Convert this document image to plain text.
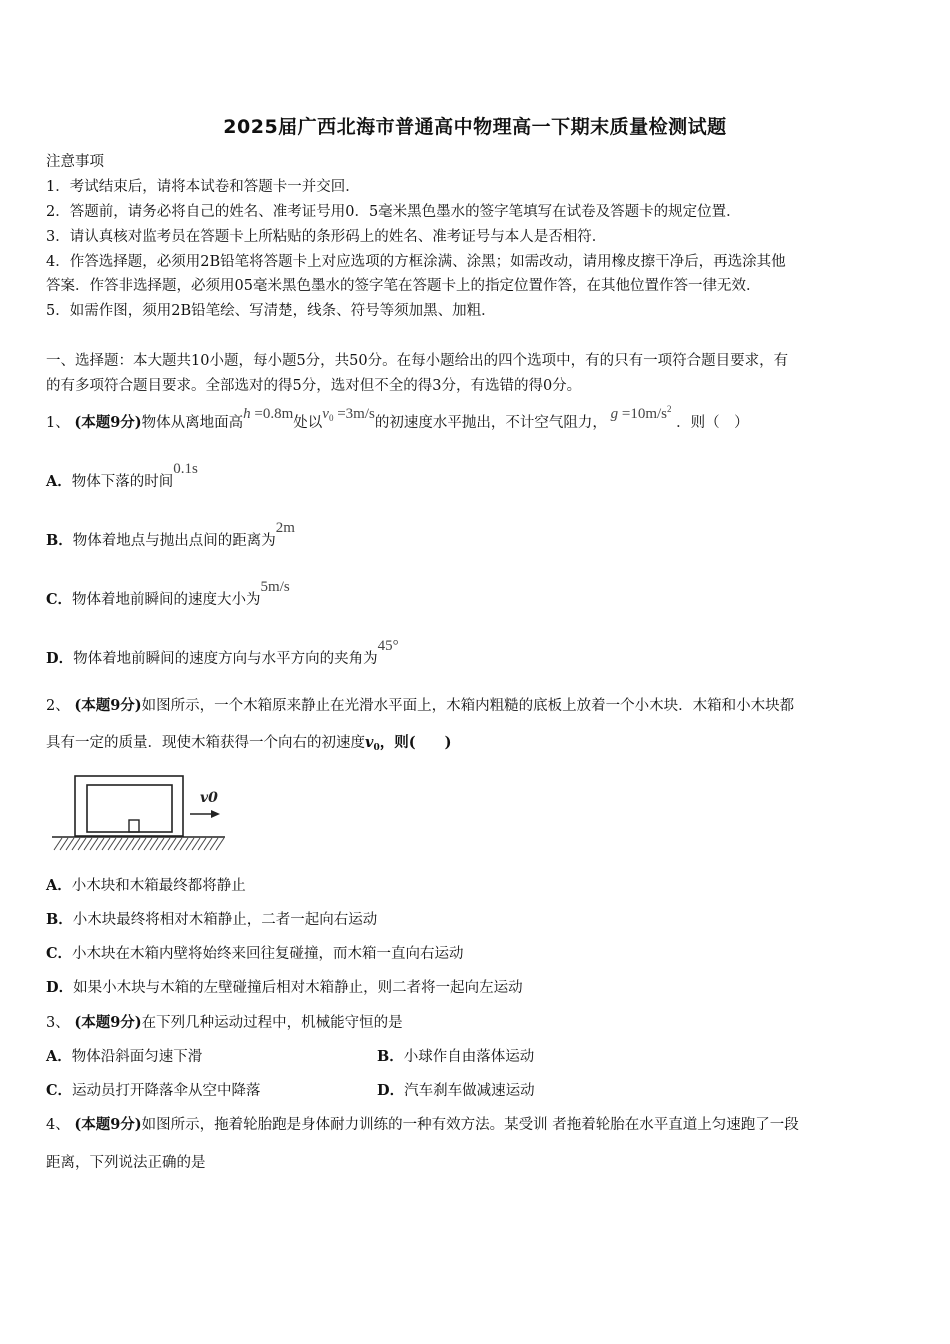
2025届广西北海市普通高中物理高一下期末质量检测试题
注意事项
1．考试结束后，请将本试卷和答题卡一并交回．
2．答题前，请务必将自己的姓名、准考证号用0．5毫米黑色墨水的签字笔填写在试卷及答题卡的规定位置．
3．请认真核对监考员在答题卡上所粘贴的条形码上的姓名、准考证号与本人是否相符．
4．作答选择题，必须用2B铅笔将答题卡上对应选项的方框涂满、涂黑；如需改动，请用橡皮擦干净后，再选涂其他
答案．作答非选择题，必须用05毫米黑色墨水的签字笔在答题卡上的指定位置作答，在其他位置作答一律无效．
5．如需作图，须用2B铅笔绘、写清楚，线条、符号等须加黑、加粗．
一、选择题：本大题共10小题，每小题5分，共50分。在每小题给出的四个选项中，有的只有一项符合题目要求，有
的有多项符合题目要求。全部选对的得5分，选对但不全的得3分，有选错的得0分。
1、 (本题9分)物体从离地面高h =0.8m处以$v_0 =3m/s$的初速度水平抛出，不计空气阻力， $g =10m/s^2$ ．则（　）
A．物体下落的时间0.1s
B．物体着地点与抛出点间的距离为2m
C．物体着地前瞬间的速度大小为5m/s
D．物体着地前瞬间的速度方向与水平方向的夹角为45°
2、 (本题9分)如图所示，一个木箱原来静止在光滑水平面上，木箱内粗糙的底板上放着一个小木块．木箱和小木块都
具有一定的质量．现使木箱获得一个向右的初速度$v_0$，则(　　)
v0
A．小木块和木箱最终都将静止
B．小木块最终将相对木箱静止，二者一起向右运动
C．小木块在木箱内壁将始终来回往复碰撞，而木箱一直向右运动
D．如果小木块与木箱的左壁碰撞后相对木箱静止，则二者将一起向左运动
3、 (本题9分)在下列几种运动过程中，机械能守恒的是
A．物体沿斜面匀速下滑	B．小球作自由落体运动
C．运动员打开降落伞从空中降落	D．汽车刹车做减速运动
4、 (本题9分)如图所示，拖着轮胎跑是身体耐力训练的一种有效方法。某受训 者拖着轮胎在水平直道上匀速跑了一段
距离，下列说法正确的是
